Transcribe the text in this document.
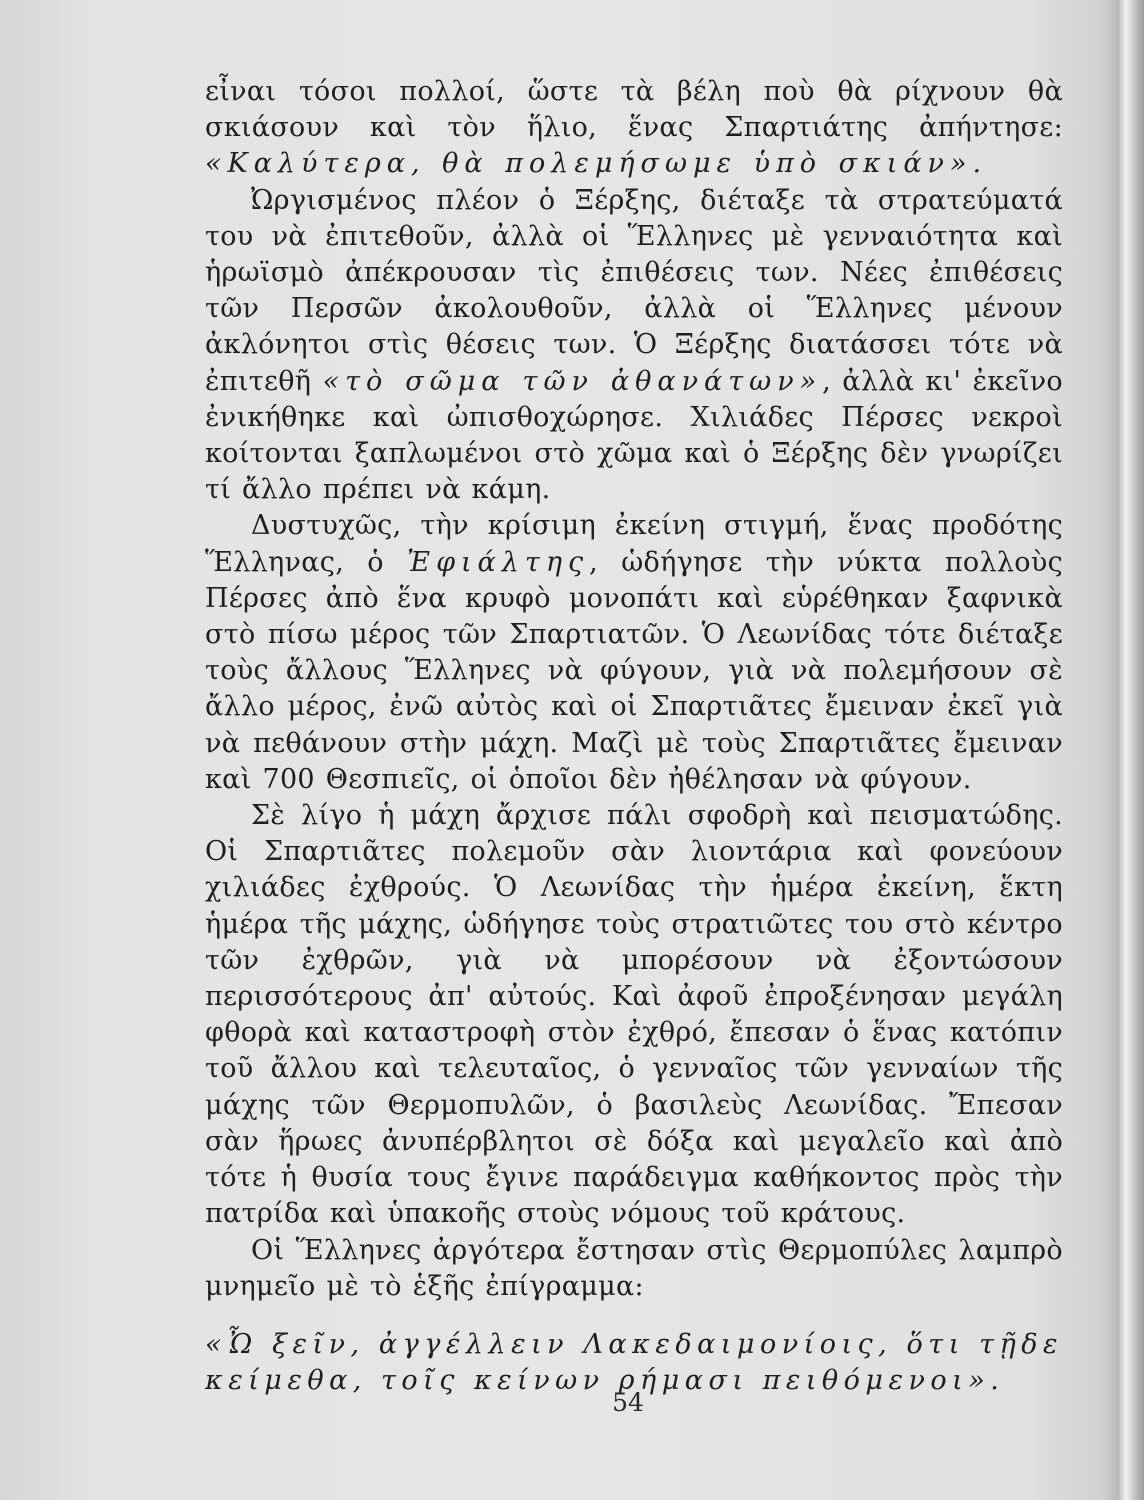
εἶναι τόσοι πολλοί, ὥστε τὰ βέλη ποὺ θὰ ρίχνουν θὰ σκιάσουν καὶ τὸν ἥλιο, ἕνας Σπαρτιάτης ἀπήντησε: «Καλύτερα, θὰ πολεμήσωμε ὑπὸ σκιάν».

Ὠργισμένος πλέον ὁ Ξέρξης, διέταξε τὰ στρατεύματά του νὰ ἐπιτεθοῦν, ἀλλὰ οἱ Ἕλληνες μὲ γενναιότητα καὶ ἡρωϊσμὸ ἀπέκρουσαν τὶς ἐπιθέσεις των. Νέες ἐπιθέσεις τῶν Περσῶν ἀκολουθοῦν, ἀλλὰ οἱ Ἕλληνες μένουν ἀκλόνητοι στὶς θέσεις των. Ὁ Ξέρξης διατάσσει τότε νὰ ἐπιτεθῆ «τὸ σῶμα τῶν ἀθανάτων», ἀλλὰ κι' ἐκεῖνο ἐνικήθηκε καὶ ὠπισθοχώρησε. Χιλιάδες Πέρσες νεκροὶ κοίτονται ξαπλωμένοι στὸ χῶμα καὶ ὁ Ξέρξης δὲν γνωρίζει τί ἄλλο πρέπει νὰ κάμη.

Δυστυχῶς, τὴν κρίσιμη ἐκείνη στιγμή, ἕνας προδότης Ἕλληνας, ὁ Ἐφιάλτης, ὡδήγησε τὴν νύκτα πολλοὺς Πέρσες ἀπὸ ἕνα κρυφὸ μονοπάτι καὶ εὑρέθηκαν ξαφνικὰ στὸ πίσω μέρος τῶν Σπαρτιατῶν. Ὁ Λεωνίδας τότε διέταξε τοὺς ἄλλους Ἕλληνες νὰ φύγουν, γιὰ νὰ πολεμήσουν σὲ ἄλλο μέρος, ἐνῶ αὐτὸς καὶ οἱ Σπαρτιᾶτες ἔμειναν ἐκεῖ γιὰ νὰ πεθάνουν στὴν μάχη. Μαζὶ μὲ τοὺς Σπαρτιᾶτες ἔμειναν καὶ 700 Θεσπιεῖς, οἱ ὁποῖοι δὲν ἠθέλησαν νὰ φύγουν.

Σὲ λίγο ἡ μάχη ἄρχισε πάλι σφοδρὴ καὶ πεισματώδης. Οἱ Σπαρτιᾶτες πολεμοῦν σὰν λιοντάρια καὶ φονεύουν χιλιάδες ἐχθρούς. Ὁ Λεωνίδας τὴν ἡμέρα ἐκείνη, ἕκτη ἡμέρα τῆς μάχης, ὡδήγησε τοὺς στρατιῶτες του στὸ κέντρο τῶν ἐχθρῶν, γιὰ νὰ μπορέσουν νὰ ἐξοντώσουν περισσότερους ἀπ' αὐτούς. Καὶ ἀφοῦ ἐπροξένησαν μεγάλη φθορὰ καὶ καταστροφὴ στὸν ἐχθρό, ἔπεσαν ὁ ἕνας κατόπιν τοῦ ἄλλου καὶ τελευταῖος, ὁ γενναῖος τῶν γενναίων τῆς μάχης τῶν Θερμοπυλῶν, ὁ βασιλεὺς Λεωνίδας. Ἔπεσαν σὰν ἥρωες ἀνυπέρβλητοι σὲ δόξα καὶ μεγαλεῖο καὶ ἀπὸ τότε ἡ θυσία τους ἔγινε παράδειγμα καθήκοντος πρὸς τὴν πατρίδα καὶ ὑπακοῆς στοὺς νόμους τοῦ κράτους.

Οἱ Ἕλληνες ἀργότερα ἔστησαν στὶς Θερμοπύλες λαμπρὸ μνημεῖο μὲ τὸ ἑξῆς ἐπίγραμμα:

«Ὦ ξεῖν, ἀγγέλλειν Λακεδαιμονίοις, ὅτι τῇδε κείμεθα, τοῖς κείνων ρήμασι πειθόμενοι».

54
